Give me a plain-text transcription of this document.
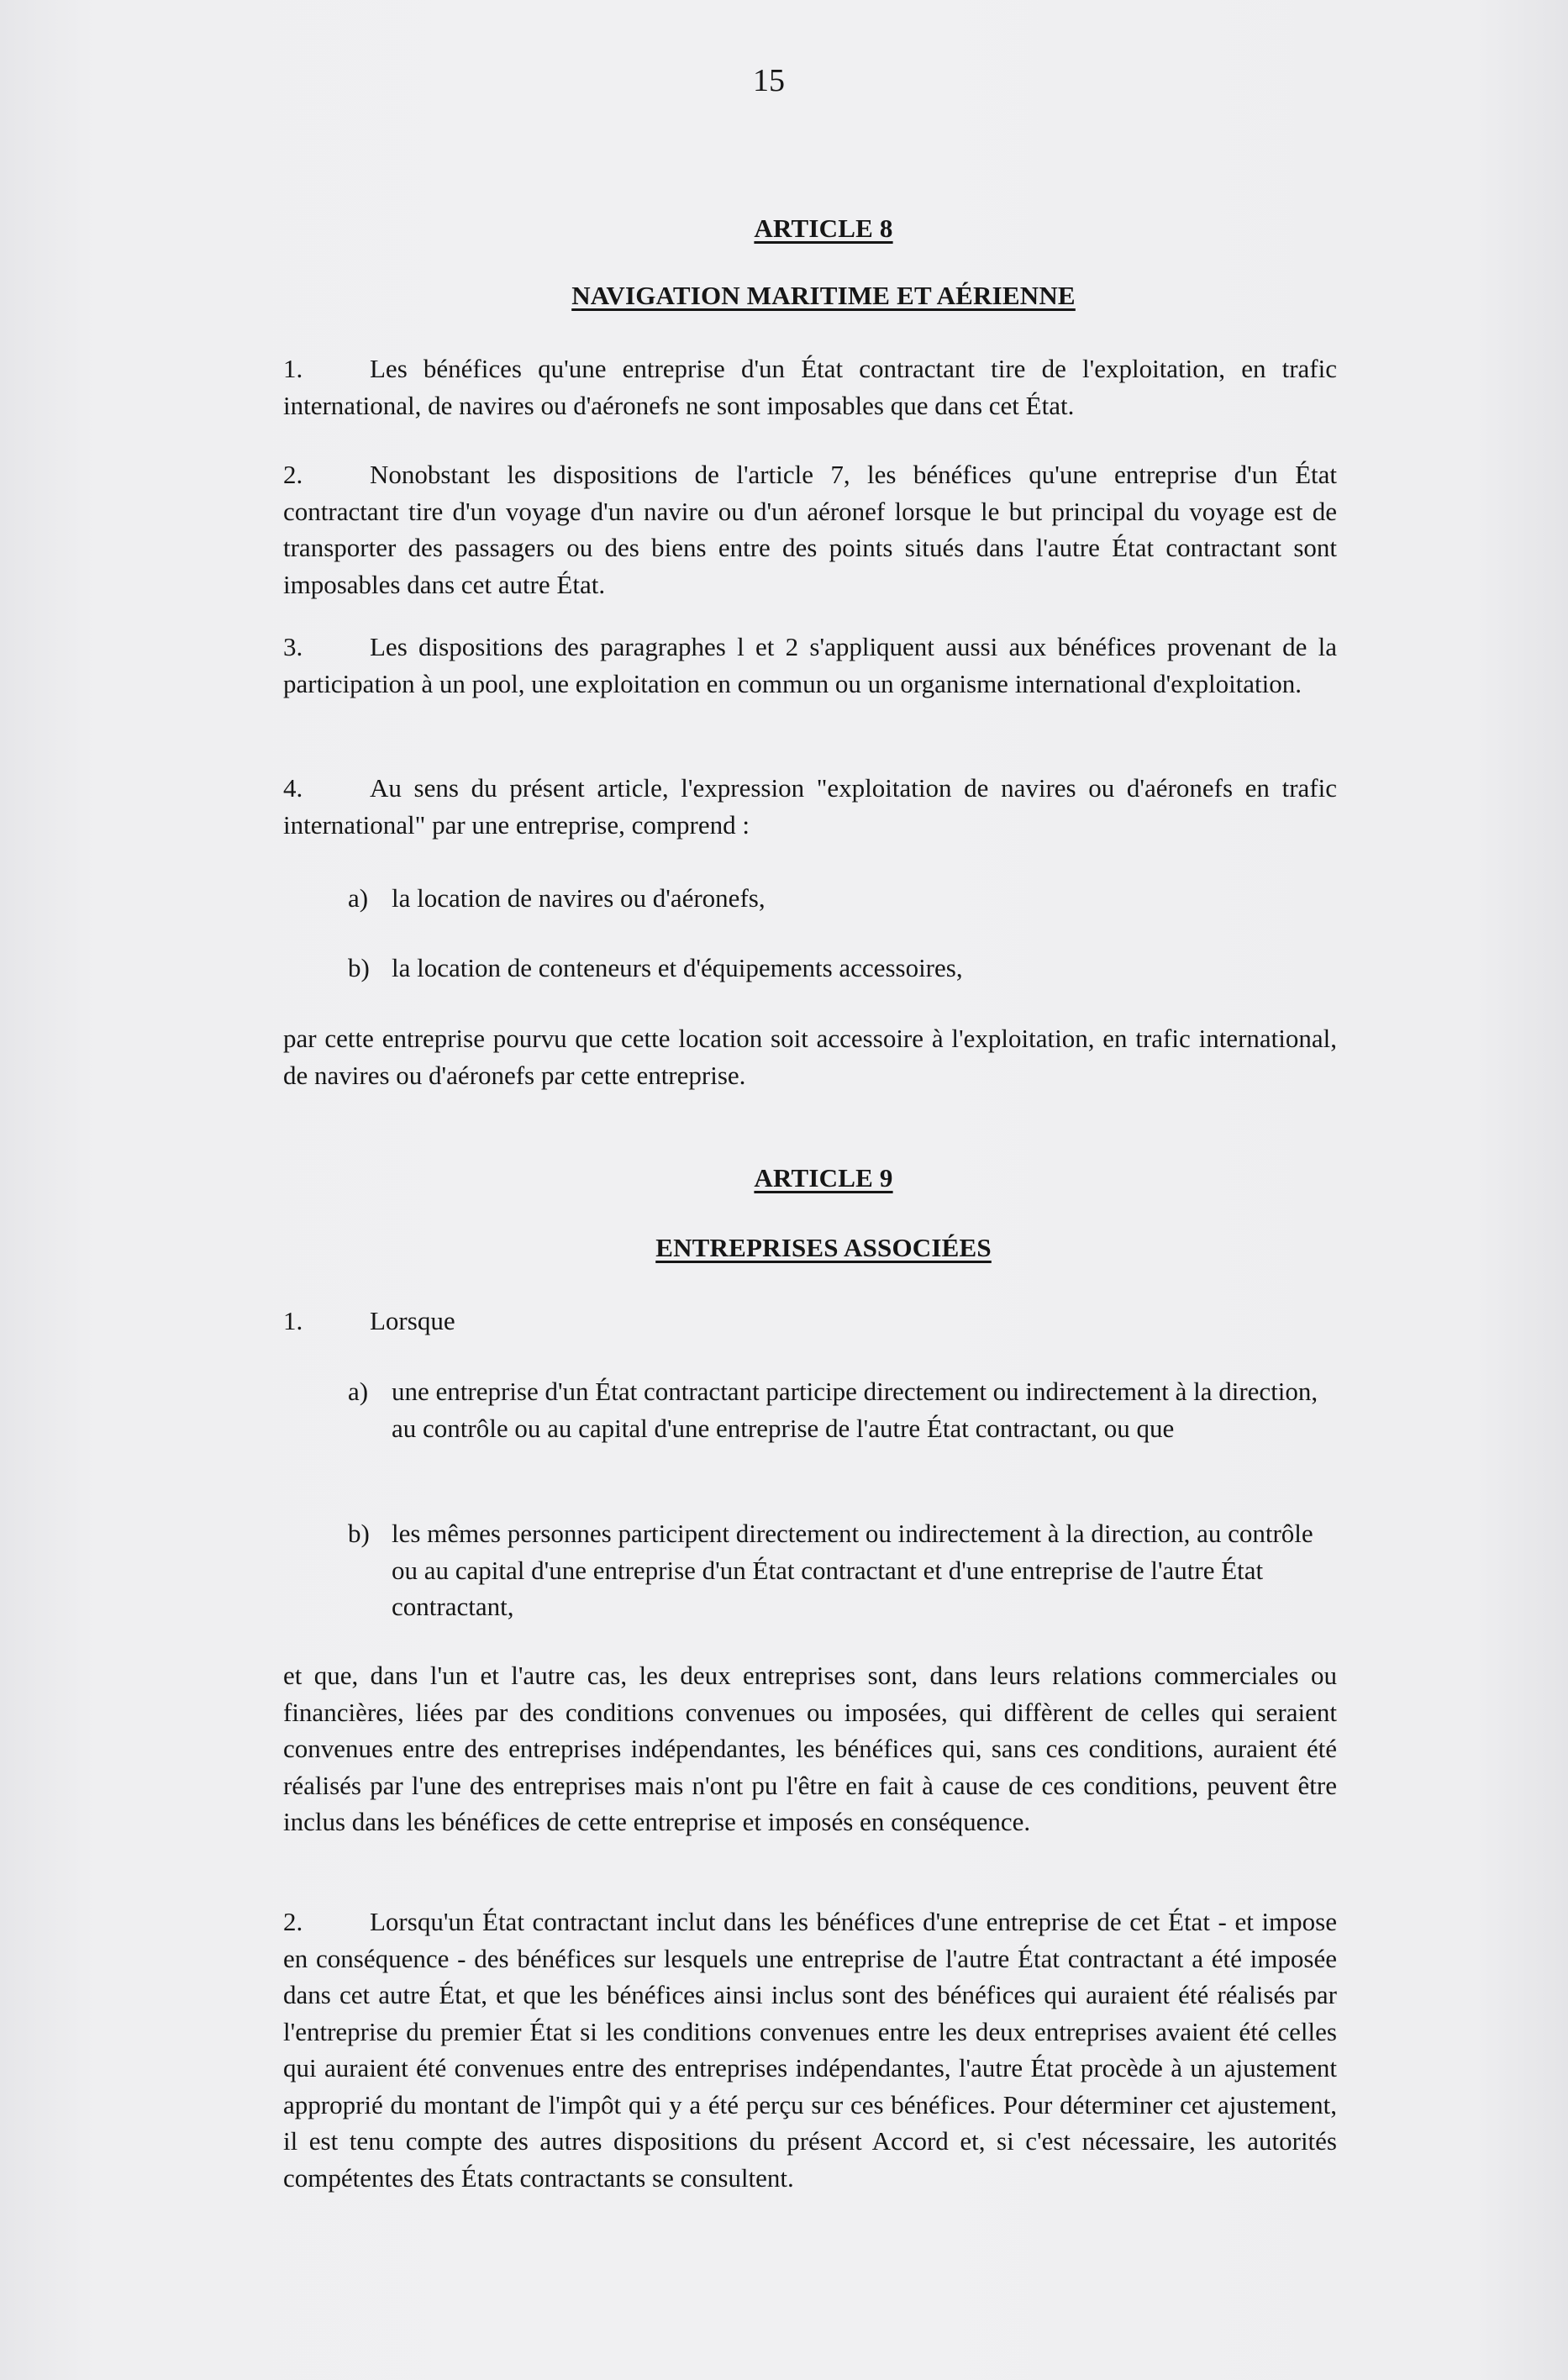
15
ARTICLE 8
NAVIGATION MARITIME ET AÉRIENNE

1.	Les bénéfices qu'une entreprise d'un État contractant tire de l'exploitation, en trafic international, de navires ou d'aéronefs ne sont imposables que dans cet État.

2.	Nonobstant les dispositions de l'article 7, les bénéfices qu'une entreprise d'un État contractant tire d'un voyage d'un navire ou d'un aéronef lorsque le but principal du voyage est de transporter des passagers ou des biens entre des points situés dans l'autre État contractant sont imposables dans cet autre État.

3.	Les dispositions des paragraphes l et 2 s'appliquent aussi aux bénéfices provenant de la participation à un pool, une exploitation en commun ou un organisme international d'exploitation.

4.	Au sens du présent article, l'expression "exploitation de navires ou d'aéronefs en trafic international" par une entreprise, comprend :

a) la location de navires ou d'aéronefs,

b) la location de conteneurs et d'équipements accessoires,

par cette entreprise pourvu que cette location soit accessoire à l'exploitation, en trafic international, de navires ou d'aéronefs par cette entreprise.

ARTICLE 9
ENTREPRISES ASSOCIÉES

1.	Lorsque

a) une entreprise d'un État contractant participe directement ou indirectement à la direction, au contrôle ou au capital d'une entreprise de l'autre État contractant, ou que

b) les mêmes personnes participent directement ou indirectement à la direction, au contrôle ou au capital d'une entreprise d'un État contractant et d'une entreprise de l'autre État contractant,

et que, dans l'un et l'autre cas, les deux entreprises sont, dans leurs relations commerciales ou financières, liées par des conditions convenues ou imposées, qui diffèrent de celles qui seraient convenues entre des entreprises indépendantes, les bénéfices qui, sans ces conditions, auraient été réalisés par l'une des entreprises mais n'ont pu l'être en fait à cause de ces conditions, peuvent être inclus dans les bénéfices de cette entreprise et imposés en conséquence.

2.	Lorsqu'un État contractant inclut dans les bénéfices d'une entreprise de cet État - et impose en conséquence - des bénéfices sur lesquels une entreprise de l'autre État contractant a été imposée dans cet autre État, et que les bénéfices ainsi inclus sont des bénéfices qui auraient été réalisés par l'entreprise du premier État si les conditions convenues entre les deux entreprises avaient été celles qui auraient été convenues entre des entreprises indépendantes, l'autre État procède à un ajustement approprié du montant de l'impôt qui y a été perçu sur ces bénéfices. Pour déterminer cet ajustement, il est tenu compte des autres dispositions du présent Accord et, si c'est nécessaire, les autorités compétentes des États contractants se consultent.
